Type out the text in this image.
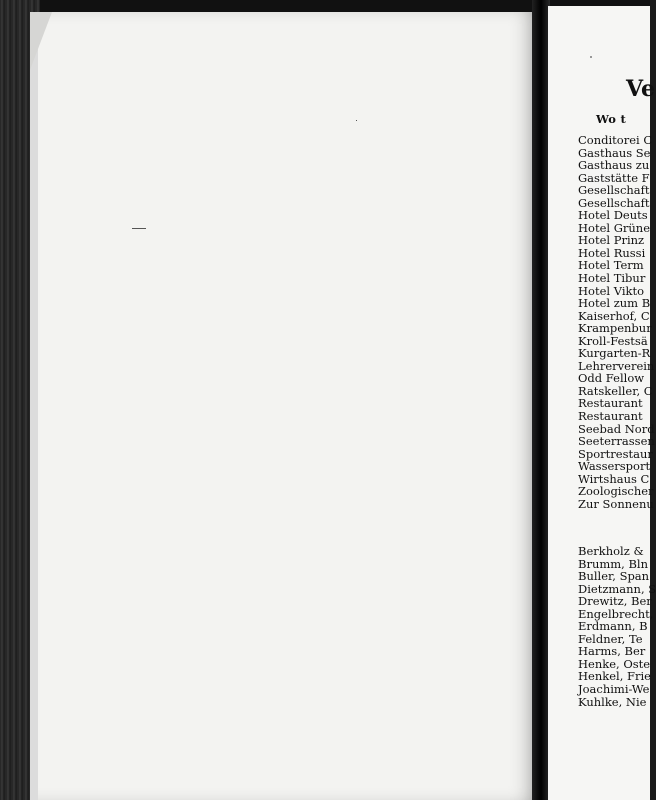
Ve
Wo t
Conditorei C
Gasthaus Se
Gasthaus zu
Gaststätte F
Gesellschaft
Gesellschaft
Hotel Deuts
Hotel Grüne
Hotel Prinz
Hotel Russi
Hotel Term
Hotel Tibur
Hotel Vikto
Hotel zum B
Kaiserhof, C
Krampenbur
Kroll-Festsä
Kurgarten-R
Lehrerverein
Odd Fellow
Ratskeller, C
Restaurant
Restaurant
Seebad Nord
Seeterrassen
Sportrestaur
Wassersport
Wirtshaus C
Zoologischer
Zur Sonnenu
Berkholz &
Brumm, Bln
Buller, Span
Dietzmann, S
Drewitz, Ber
Engelbrecht,
Erdmann, B
Feldner, Te
Harms, Ber
Henke, Oste
Henkel, Frie
Joachimi-We
Kuhlke, Nie
